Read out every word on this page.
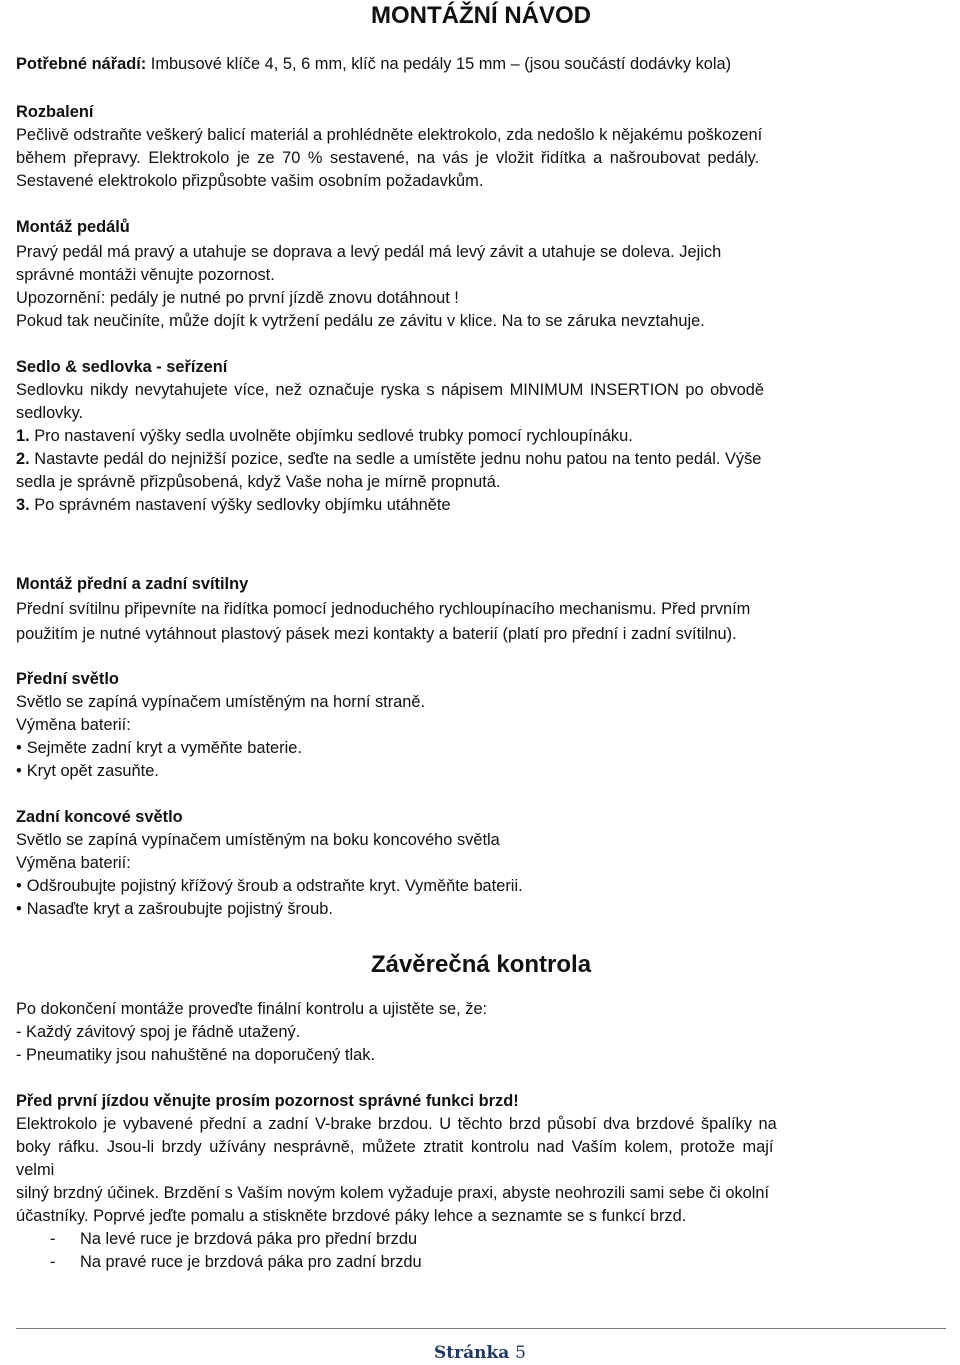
MONTÁŽNÍ NÁVOD

Potřebné nářadí: Imbusové klíče 4, 5, 6 mm, klíč na pedály 15 mm – (jsou součástí dodávky kola)

Rozbalení

Pečlivě odstraňte veškerý balicí materiál a prohlédněte elektrokolo, zda nedošlo k nějakému poškození

během přepravy. Elektrokolo je ze 70 % sestavené, na vás je vložit řidítka a našroubovat pedály.

Sestavené elektrokolo přizpůsobte vašim osobním požadavkům.

Montáž pedálů

Pravý pedál má pravý a utahuje se doprava a levý pedál má levý závit a utahuje se doleva. Jejich

správné montáži věnujte pozornost.

Upozornění: pedály je nutné po první jízdě znovu dotáhnout !

Pokud tak neučiníte, může dojít k vytržení pedálu ze závitu v klice. Na to se záruka nevztahuje.

Sedlo & sedlovka - seřízení

Sedlovku nikdy nevytahujete více, než označuje ryska s nápisem MINIMUM INSERTION po obvodě

sedlovky.

1. Pro nastavení výšky sedla uvolněte objímku sedlové trubky pomocí rychloupínáku.

2. Nastavte pedál do nejnižší pozice, seďte na sedle a umístěte jednu nohu patou na tento pedál. Výše

sedla je správně přizpůsobená, když Vaše noha je mírně propnutá.

3. Po správném nastavení výšky sedlovky objímku utáhněte

Montáž přední a zadní svítilny

Přední svítilnu připevníte na řidítka pomocí jednoduchého rychloupínacího mechanismu. Před prvním

použitím je nutné vytáhnout plastový pásek mezi kontakty a baterií (platí pro přední i zadní svítilnu).

Přední světlo

Světlo se zapíná vypínačem umístěným na horní straně.

Výměna baterií:

• Sejměte zadní kryt a vyměňte baterie.

• Kryt opět zasuňte.

Zadní koncové světlo

Světlo se zapíná vypínačem umístěným na boku koncového světla

Výměna baterií:

• Odšroubujte pojistný křížový šroub a odstraňte kryt. Vyměňte baterii.

• Nasaďte kryt a zašroubujte pojistný šroub.

Závěrečná kontrola

Po dokončení montáže proveďte finální kontrolu a ujistěte se, že:

- Každý závitový spoj je řádně utažený.

- Pneumatiky jsou nahuštěné na doporučený tlak.

Před první jízdou věnujte prosím pozornost správné funkci brzd!

Elektrokolo je vybavené přední a zadní V-brake brzdou. U těchto brzd působí dva brzdové špalíky na

boky ráfku. Jsou-li brzdy užívány nesprávně, můžete ztratit kontrolu nad Vaším kolem, protože mají

velmi

silný brzdný účinek. Brzdění s Vaším novým kolem vyžaduje praxi, abyste neohrozili sami sebe či okolní

účastníky. Poprvé jeďte pomalu a stiskněte brzdové páky lehce a seznamte se s funkcí brzd.

-	Na levé ruce je brzdová páka pro přední brzdu

-	Na pravé ruce je brzdová páka pro zadní brzdu

Stránka 5
